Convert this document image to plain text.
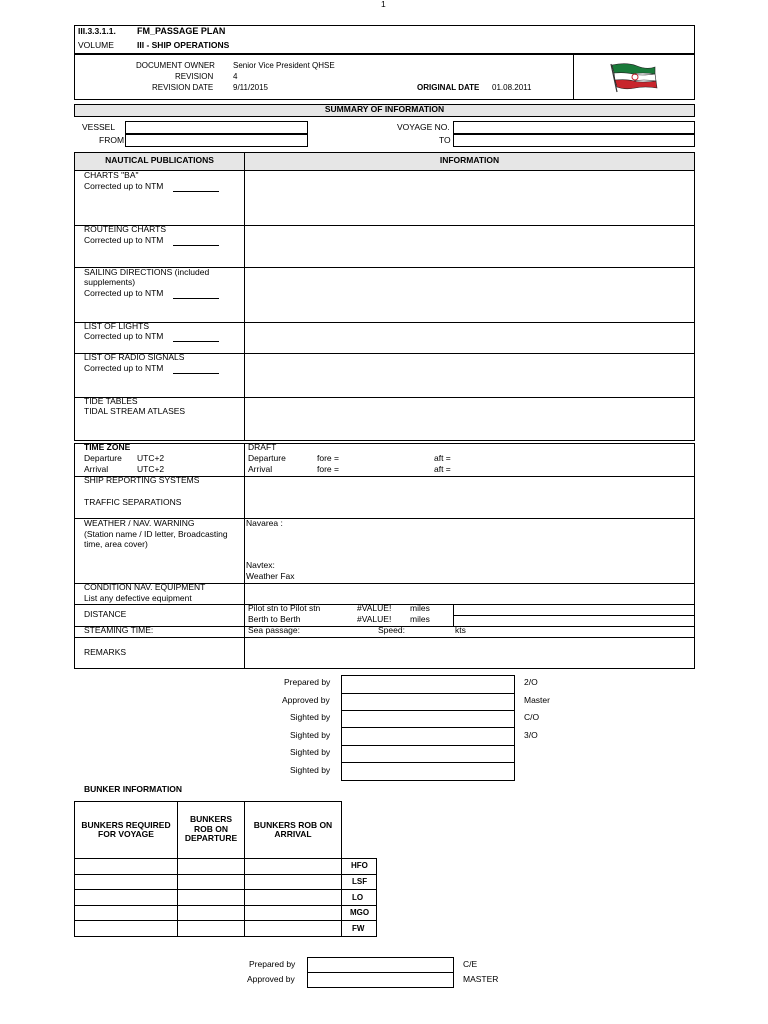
1
III.3.3.1.1. FM_PASSAGE PLAN
VOLUME	III - SHIP OPERATIONS
DOCUMENT OWNER Senior Vice President QHSE
REVISION 4
REVISION DATE 9/11/2015	ORIGINAL DATE 01.08.2011
SUMMARY OF INFORMATION
VESSEL
FROM
VOYAGE NO.
TO
NAUTICAL PUBLICATIONS	INFORMATION
CHARTS "BA"
Corrected up to NTM
ROUTEING CHARTS
Corrected up to NTM
SAILING DIRECTIONS (included
supplements)
Corrected up to NTM
LIST OF LIGHTS
Corrected up to NTM
LIST OF RADIO SIGNALS
Corrected up to NTM
TIDE TABLES
TIDAL STREAM ATLASES
TIME ZONE
Departure UTC+2
Arrival	UTC+2
DRAFT
Departure	fore =	aft =
Arrival	fore =	aft =
SHIP REPORTING SYSTEMS
TRAFFIC SEPARATIONS
WEATHER / NAV. WARNING
(Station name / ID letter, Broadcasting
time, area cover)
Navarea :
Navtex:
Weather Fax
CONDITION NAV. EQUIPMENT
List any defective equipment
DISTANCE
Pilot stn to Pilot stn	#VALUE! miles
Berth to Berth	#VALUE! miles
STEAMING TIME:	Sea passage:	Speed:	kts
REMARKS
Prepared by	2/O
Approved by	Master
Sighted by	C/O
Sighted by	3/O
Sighted by
Sighted by
BUNKER INFORMATION
BUNKERS REQUIRED
FOR VOYAGE
BUNKERS
ROB ON
DEPARTURE
BUNKERS ROB ON
ARRIVAL
HFO
LSF
LO
MGO
FW
Prepared by	C/E
Approved by	MASTER
